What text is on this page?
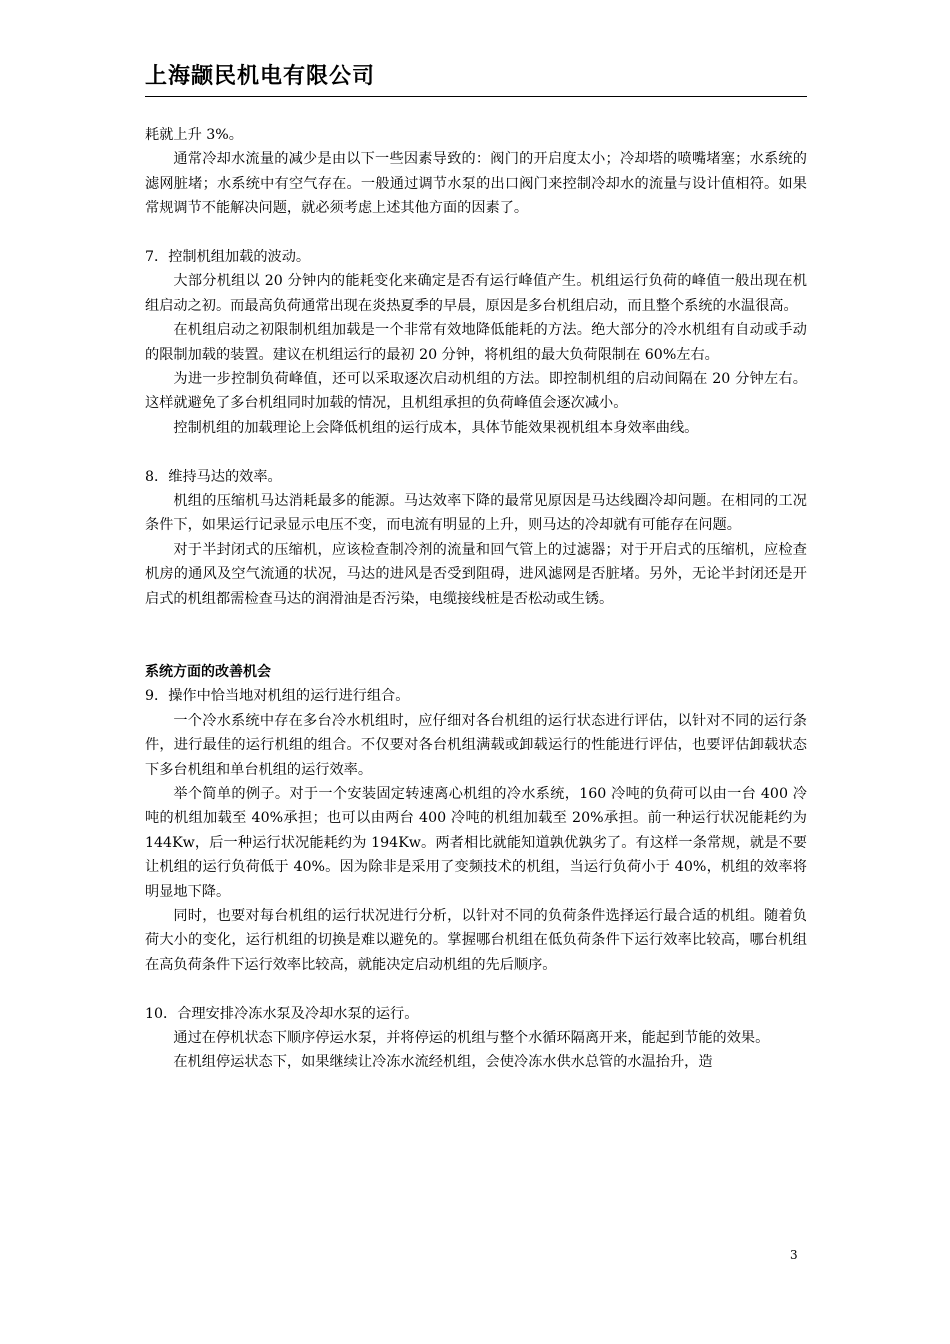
上海颛民机电有限公司

耗就上升 3%。

通常冷却水流量的减少是由以下一些因素导致的：阀门的开启度太小；冷却塔的喷嘴堵塞；水系统的滤网脏堵；水系统中有空气存在。一般通过调节水泵的出口阀门来控制冷却水的流量与设计值相符。如果常规调节不能解决问题，就必须考虑上述其他方面的因素了。

7．控制机组加载的波动。

大部分机组以 20 分钟内的能耗变化来确定是否有运行峰值产生。机组运行负荷的峰值一般出现在机组启动之初。而最高负荷通常出现在炎热夏季的早晨，原因是多台机组启动，而且整个系统的水温很高。

在机组启动之初限制机组加载是一个非常有效地降低能耗的方法。绝大部分的冷水机组有自动或手动的限制加载的装置。建议在机组运行的最初 20 分钟，将机组的最大负荷限制在 60%左右。

为进一步控制负荷峰值，还可以采取逐次启动机组的方法。即控制机组的启动间隔在 20 分钟左右。这样就避免了多台机组同时加载的情况，且机组承担的负荷峰值会逐次减小。

控制机组的加载理论上会降低机组的运行成本，具体节能效果视机组本身效率曲线。

8．维持马达的效率。

机组的压缩机马达消耗最多的能源。马达效率下降的最常见原因是马达线圈冷却问题。在相同的工况条件下，如果运行记录显示电压不变，而电流有明显的上升，则马达的冷却就有可能存在问题。

对于半封闭式的压缩机，应该检查制冷剂的流量和回气管上的过滤器；对于开启式的压缩机，应检查机房的通风及空气流通的状况，马达的进风是否受到阻碍，进风滤网是否脏堵。另外，无论半封闭还是开启式的机组都需检查马达的润滑油是否污染，电缆接线桩是否松动或生锈。

系统方面的改善机会

9．操作中恰当地对机组的运行进行组合。

一个冷水系统中存在多台冷水机组时，应仔细对各台机组的运行状态进行评估，以针对不同的运行条件，进行最佳的运行机组的组合。不仅要对各台机组满载或卸载运行的性能进行评估，也要评估卸载状态下多台机组和单台机组的运行效率。

举个简单的例子。对于一个安装固定转速离心机组的冷水系统，160 冷吨的负荷可以由一台 400 冷吨的机组加载至 40%承担；也可以由两台 400 冷吨的机组加载至 20%承担。前一种运行状况能耗约为 144Kw，后一种运行状况能耗约为 194Kw。两者相比就能知道孰优孰劣了。有这样一条常规，就是不要让机组的运行负荷低于 40%。因为除非是采用了变频技术的机组，当运行负荷小于 40%，机组的效率将明显地下降。

同时，也要对每台机组的运行状况进行分析，以针对不同的负荷条件选择运行最合适的机组。随着负荷大小的变化，运行机组的切换是难以避免的。掌握哪台机组在低负荷条件下运行效率比较高，哪台机组在高负荷条件下运行效率比较高，就能决定启动机组的先后顺序。

10．合理安排冷冻水泵及冷却水泵的运行。

通过在停机状态下顺序停运水泵，并将停运的机组与整个水循环隔离开来，能起到节能的效果。

在机组停运状态下，如果继续让冷冻水流经机组，会使冷冻水供水总管的水温抬升，造

3
